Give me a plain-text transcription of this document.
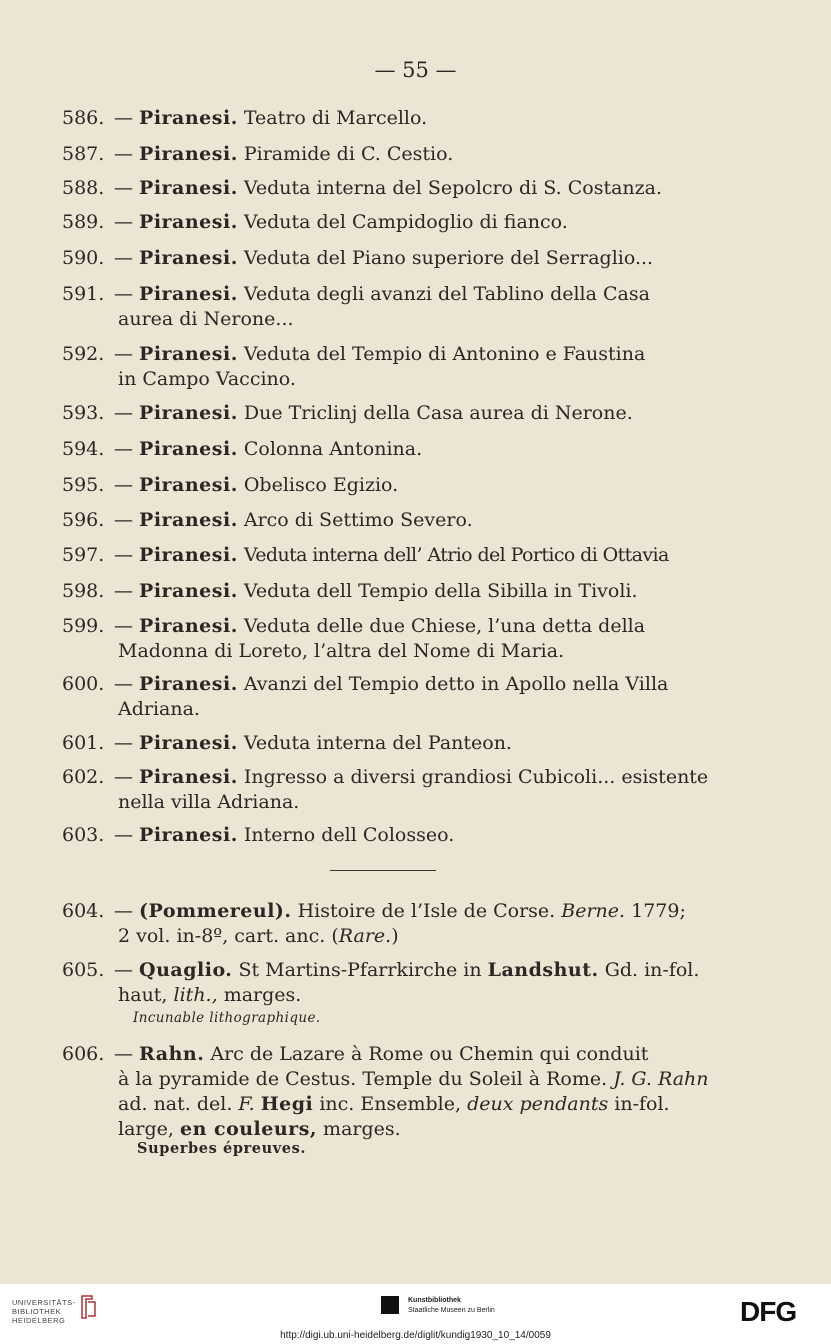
— 55 —
586. — Piranesi. Teatro di Marcello.
587. — Piranesi. Piramide di C. Cestio.
588. — Piranesi. Veduta interna del Sepolcro di S. Costanza.
589. — Piranesi. Veduta del Campidoglio di fianco.
590. — Piranesi. Veduta del Piano superiore del Serraglio...
591. — Piranesi. Veduta degli avanzi del Tablino della Casa
aurea di Nerone...
592. — Piranesi. Veduta del Tempio di Antonino e Faustina
in Campo Vaccino.
593. — Piranesi. Due Triclinj della Casa aurea di Nerone.
594. — Piranesi. Colonna Antonina.
595. — Piranesi. Obelisco Egizio.
596. — Piranesi. Arco di Settimo Severo.
597. — Piranesi. Veduta interna dell’ Atrio del Portico di Ottavia
598. — Piranesi. Veduta dell Tempio della Sibilla in Tivoli.
599. — Piranesi. Veduta delle due Chiese, l’una detta della
Madonna di Loreto, l’altra del Nome di Maria.
600. — Piranesi. Avanzi del Tempio detto in Apollo nella Villa
Adriana.
601. — Piranesi. Veduta interna del Panteon.
602. — Piranesi. Ingresso a diversi grandiosi Cubicoli... esistente
nella villa Adriana.
603. — Piranesi. Interno dell Colosseo.
604. — (Pommereul). Histoire de l’Isle de Corse. Berne. 1779;
2 vol. in-8º, cart. anc. (Rare.)
605. — Quaglio. St Martins-Pfarrkirche in Landshut. Gd. in-fol.
haut, lith., marges.
Incunable lithographique.
606. — Rahn. Arc de Lazare à Rome ou Chemin qui conduit
à la pyramide de Cestus. Temple du Soleil à Rome. J. G. Rahn
ad. nat. del. F. Hegi inc. Ensemble, deux pendants in-fol.
large, en couleurs, marges.
Superbes épreuves.
UNIVERSITÄTS-
BIBLIOTHEK
HEIDELBERG
Kunstbibliothek
Staatliche Museen zu Berlin	DFG
http://digi.ub.uni-heidelberg.de/diglit/kundig1930_10_14/0059
